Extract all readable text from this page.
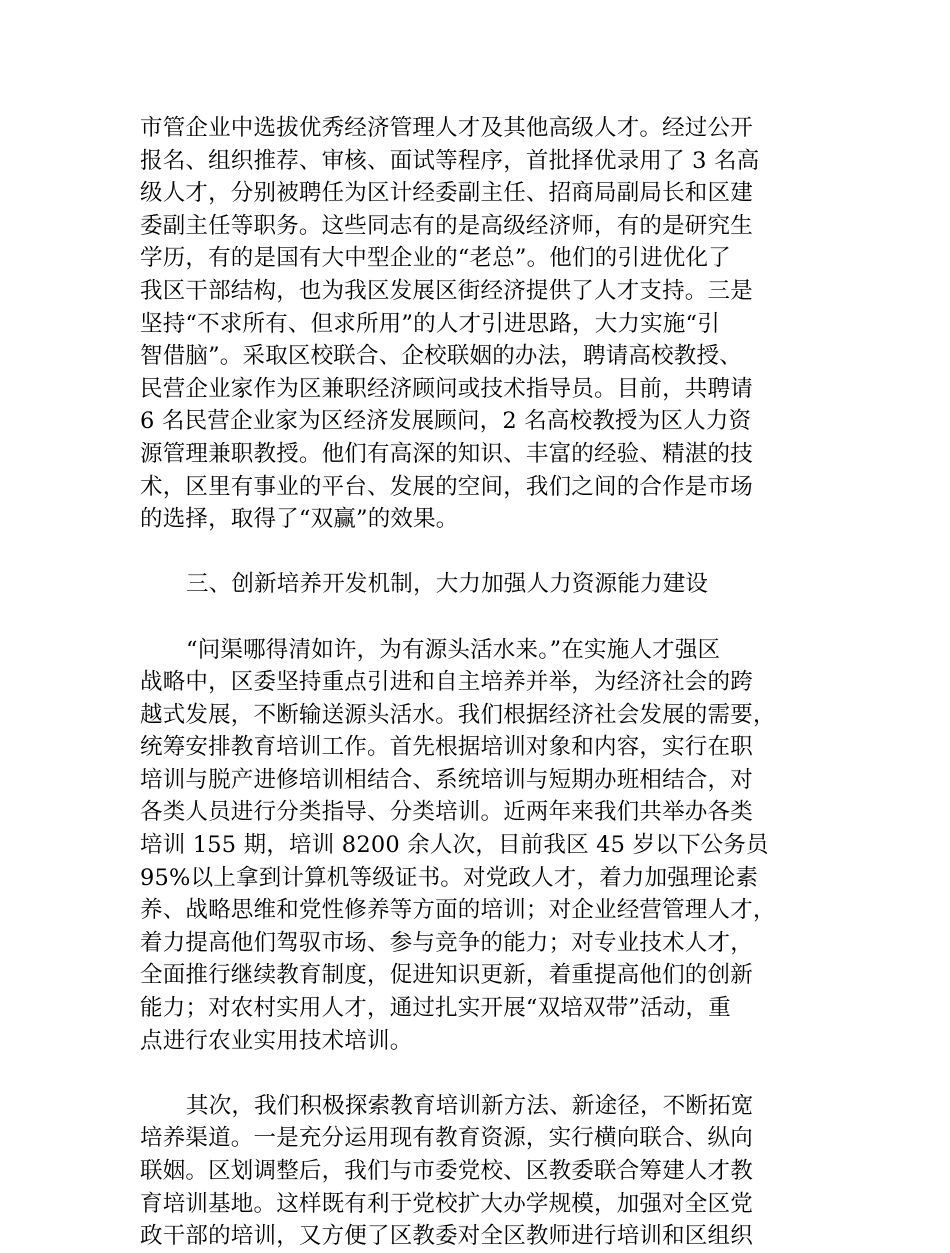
市管企业中选拔优秀经济管理人才及其他高级人才。经过公开
报名、组织推荐、审核、面试等程序，首批择优录用了 3 名高
级人才，分别被聘任为区计经委副主任、招商局副局长和区建
委副主任等职务。这些同志有的是高级经济师，有的是研究生
学历，有的是国有大中型企业的“老总”。他们的引进优化了
我区干部结构，也为我区发展区街经济提供了人才支持。三是
坚持“不求所有、但求所用”的人才引进思路，大力实施“引
智借脑”。采取区校联合、企校联姻的办法，聘请高校教授、
民营企业家作为区兼职经济顾问或技术指导员。目前，共聘请
6 名民营企业家为区经济发展顾问，2 名高校教授为区人力资
源管理兼职教授。他们有高深的知识、丰富的经验、精湛的技
术，区里有事业的平台、发展的空间，我们之间的合作是市场
的选择，取得了“双赢”的效果。
三、创新培养开发机制，大力加强人力资源能力建设
“问渠哪得清如许，为有源头活水来。”在实施人才强区
战略中，区委坚持重点引进和自主培养并举，为经济社会的跨
越式发展，不断输送源头活水。我们根据经济社会发展的需要，
统筹安排教育培训工作。首先根据培训对象和内容，实行在职
培训与脱产进修培训相结合、系统培训与短期办班相结合，对
各类人员进行分类指导、分类培训。近两年来我们共举办各类
培训 155 期，培训 8200 余人次，目前我区 45 岁以下公务员
95%以上拿到计算机等级证书。对党政人才，着力加强理论素
养、战略思维和党性修养等方面的培训；对企业经营管理人才，
着力提高他们驾驭市场、参与竞争的能力；对专业技术人才，
全面推行继续教育制度，促进知识更新，着重提高他们的创新
能力；对农村实用人才，通过扎实开展“双培双带”活动，重
点进行农业实用技术培训。
其次，我们积极探索教育培训新方法、新途径，不断拓宽
培养渠道。一是充分运用现有教育资源，实行横向联合、纵向
联姻。区划调整后，我们与市委党校、区教委联合筹建人才教
育培训基地。这样既有利于党校扩大办学规模，加强对全区党
政干部的培训，又方便了区教委对全区教师进行培训和区组织
